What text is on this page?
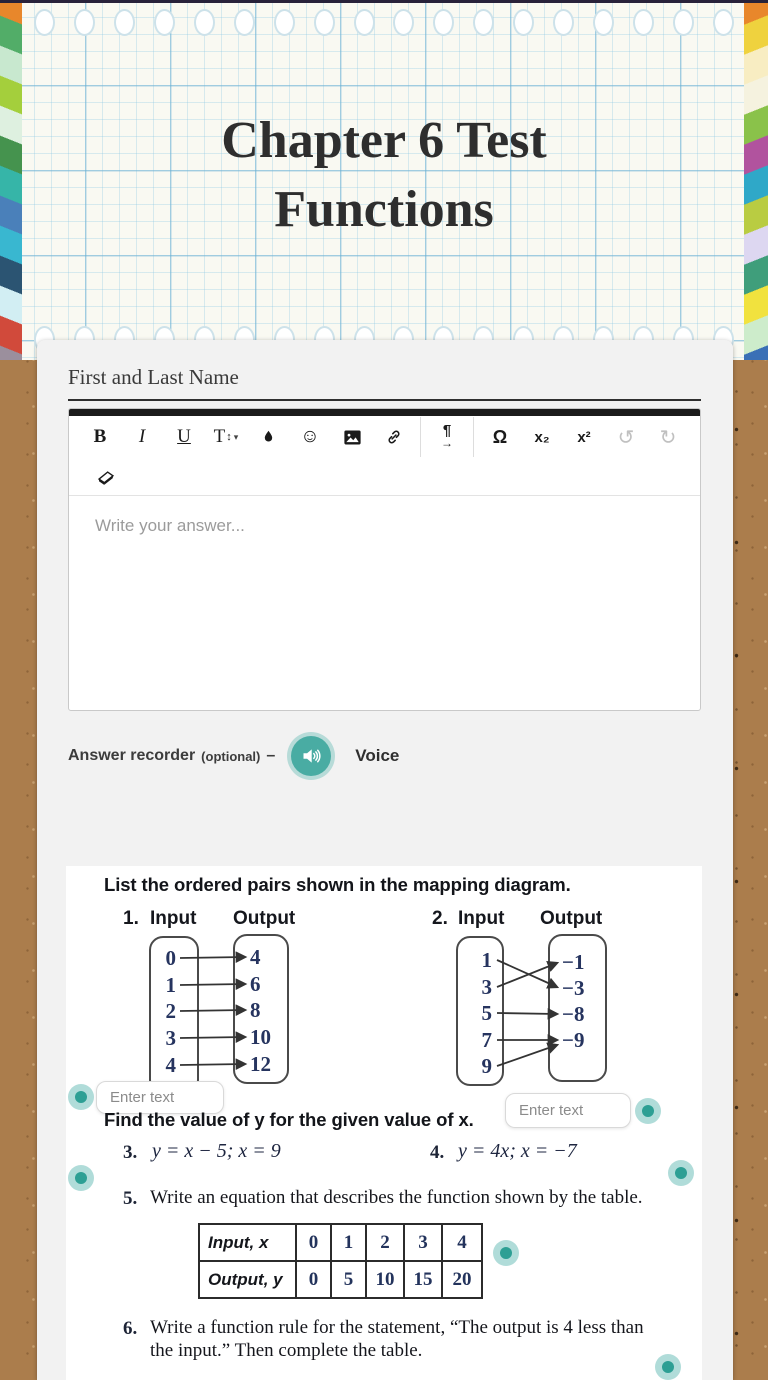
Chapter 6 Test Functions
First and Last Name
B	I	U	T ↕ ▾	☺	¶
→ Ω	x₂	x²	↺	↻
Write your answer...
Answer recorder (optional) –	Voice
List the ordered pairs shown in the mapping diagram.
1. Input Output
0
1
2
3
4
4
6
8
10
12
2. Input Output
1
3
5
7
9
−1
−3
−8
−9
Enter text
Enter text
Find the value of y for the given value of x.
3. y = x − 5; x = 9	4. y = 4x; x = −7
5. Write an equation that describes the function shown by the table.
Input, x	0	1	2	3	4
Output, y	0	5	10	15	20
6. Write a function rule for the statement, “The output is 4 less than
the input.” Then complete the table.
